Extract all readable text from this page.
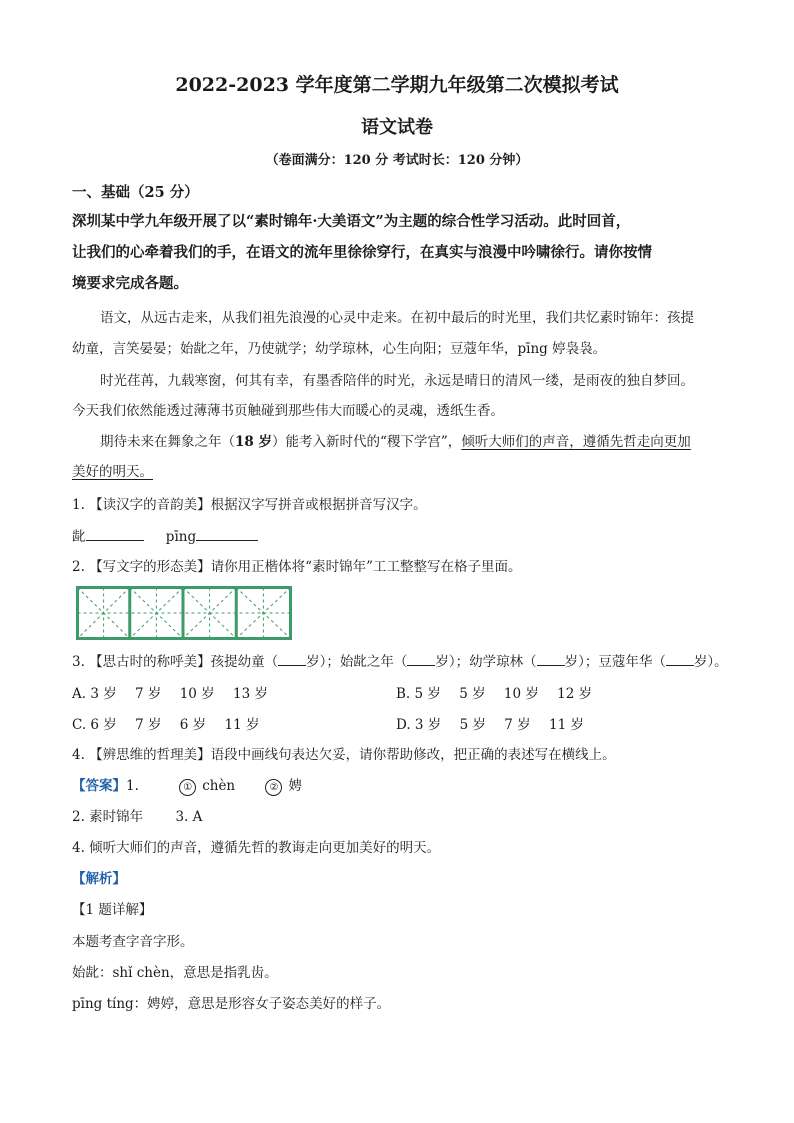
2022-2023 学年度第二学期九年级第二次模拟考试
语文试卷
（卷面满分：120 分 考试时长：120 分钟）
一、基础（25 分）
深圳某中学九年级开展了以“素时锦年·大美语文”为主题的综合性学习活动。此时回首，
让我们的心牵着我们的手，在语文的流年里徐徐穿行，在真实与浪漫中吟啸徐行。请你按情
境要求完成各题。
语文，从远古走来，从我们祖先浪漫的心灵中走来。在初中最后的时光里，我们共忆素时锦年：孩提
幼童，言笑晏晏；始龀之年，乃使就学；幼学琼林，心生向阳；豆蔻年华，pīng 婷袅袅。
时光荏苒，九载寒窗，何其有幸，有墨香陪伴的时光，永远是晴日的清风一缕，是雨夜的独自梦回。
今天我们依然能透过薄薄书页触碰到那些伟大而暖心的灵魂，透纸生香。
期待未来在舞象之年（18 岁）能考入新时代的“稷下学宫”，倾听大师们的声音，遵循先哲走向更加
美好的明天。
1. 【读汉字的音韵美】根据汉字写拼音或根据拼音写汉字。
龀	pīng
2. 【写文字的形态美】请你用正楷体将“素时锦年”工工整整写在格子里面。
3. 【思古时的称呼美】孩提幼童（ 岁）；始龀之年（ 岁）；幼学琼林（ 岁）；豆蔻年华（ 岁）。
A. 3 岁 7 岁 10 岁 13 岁	B. 5 岁 5 岁 10 岁 12 岁
C. 6 岁 7 岁 6 岁 11 岁	D. 3 岁 5 岁 7 岁 11 岁
4. 【辨思维的哲理美】语段中画线句表达欠妥，请你帮助修改，把正确的表述写在横线上。
【答案】1.	① chèn	② 娉
2. 素时锦年 3. A
4. 倾听大师们的声音，遵循先哲的教诲走向更加美好的明天。
【解析】
【1 题详解】
本题考查字音字形。
始龀：shǐ chèn，意思是指乳齿。
pīng tíng：娉婷，意思是形容女子姿态美好的样子。
